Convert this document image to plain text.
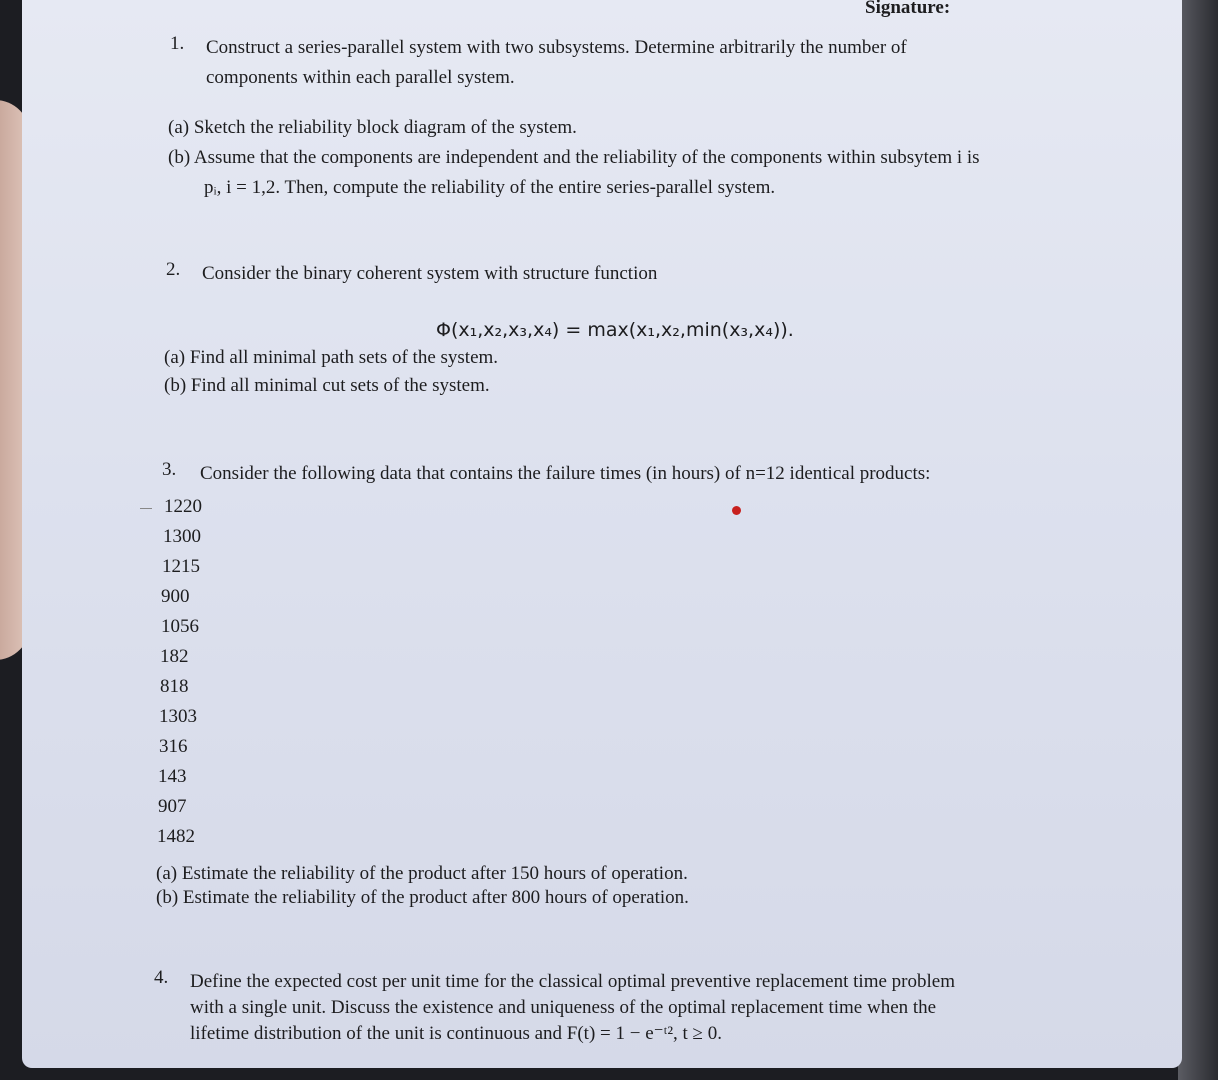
Signature:
1. Construct a series-parallel system with two subsystems. Determine arbitrarily the number of
components within each parallel system.
(a) Sketch the reliability block diagram of the system.
(b) Assume that the components are independent and the reliability of the components within subsytem i is
pᵢ, i = 1,2. Then, compute the reliability of the entire series-parallel system.
2. Consider the binary coherent system with structure function
Φ(x₁,x₂,x₃,x₄) = max(x₁,x₂,min(x₃,x₄)).
(a) Find all minimal path sets of the system.
(b) Find all minimal cut sets of the system.
3. Consider the following data that contains the failure times (in hours) of n=12 identical products:
1220
1300
1215
900
1056
182
818
1303
316
143
907
1482
(a) Estimate the reliability of the product after 150 hours of operation.
(b) Estimate the reliability of the product after 800 hours of operation.
4. Define the expected cost per unit time for the classical optimal preventive replacement time problem
with a single unit. Discuss the existence and uniqueness of the optimal replacement time when the
lifetime distribution of the unit is continuous and F(t) = 1 − e⁻ᵗ², t ≥ 0.
